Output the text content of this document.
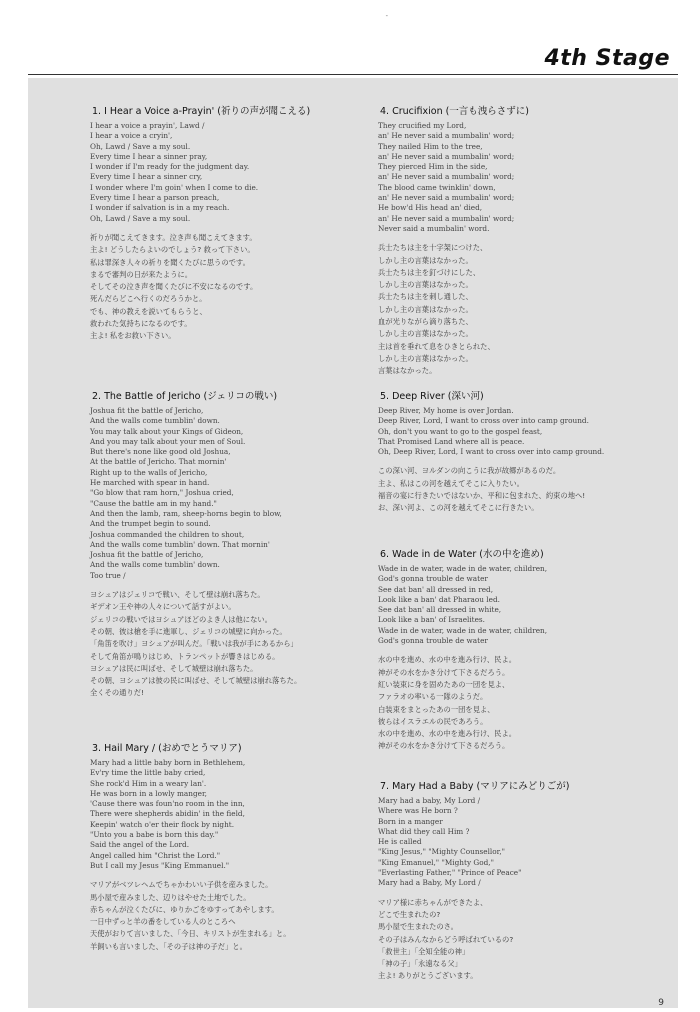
-
4th Stage
1. I Hear a Voice a-Prayin' (祈りの声が聞こえる)
I hear a voice a prayin', Lawd /
I hear a voice a cryin',
Oh, Lawd / Save a my soul.
Every time I hear a sinner pray,
I wonder if I'm ready for the judgment day.
Every time I hear a sinner cry,
I wonder where I'm goin' when I come to die.
Every time I hear a parson preach,
I wonder if salvation is in a my reach.
Oh, Lawd / Save a my soul.
祈りが聞こえてきます。泣き声も聞こえてきます。
主よ! どうしたらよいのでしょう? 救って下さい。
私は罪深き人々の祈りを聞くたびに思うのです。
まるで審判の日が来たように。
そしてその泣き声を聞くたびに不安になるのです。
死んだらどこへ行くのだろうかと。
でも、神の教えを説いてもらうと、
救われた気持ちになるのです。
主よ! 私をお救い下さい。
2. The Battle of Jericho (ジェリコの戦い)
Joshua fit the battle of Jericho,
And the walls come tumblin' down.
You may talk about your Kings of Gideon,
And you may talk about your men of Soul.
But there's none like good old Joshua,
At the battle of Jericho. That mornin'
Right up to the walls of Jericho,
He marched with spear in hand.
"Go blow that ram horn," Joshua cried,
"Cause the battle am in my hand."
And then the lamb, ram, sheep-horns begin to blow,
And the trumpet begin to sound.
Joshua commanded the children to shout,
And the walls come tumblin' down. That mornin'
Joshua fit the battle of Jericho,
And the walls come tumblin' down.
Too true /
ヨシュアはジェリコで戦い、そして壁は崩れ落ちた。
ギデオン王や神の人々について話すがよい。
ジェリコの戦いではヨシュアほどのよき人は他にない。
その朝、彼は槍を手に進軍し、ジェリコの城壁に向かった。
「角笛を吹け」ヨシュアが叫んだ。「戦いは我が手にあるから」
そして角笛が鳴りはじめ、トランペットが響きはじめる。
ヨシュアは民に叫ばせ、そして城壁は崩れ落ちた。
その朝、ヨシュアは彼の民に叫ばせ、そして城壁は崩れ落ちた。
全くその通りだ!
3. Hail Mary / (おめでとうマリア)
Mary had a little baby born in Bethlehem,
Ev'ry time the little baby cried,
She rock'd Him in a weary lan'.
He was born in a lowly manger,
'Cause there was foun'no room in the inn,
There were shepherds abidin' in the field,
Keepin' watch o'er their flock by night.
"Unto you a babe is born this day."
Said the angel of the Lord.
Angel called him "Christ the Lord."
But I call my Jesus "King Emmanuel."
マリアがベツレヘムでちゃかわいい子供を産みました。
馬小屋で産みました、辺りはやせた土地でした。
赤ちゃんが泣くたびに、ゆりかごをゆすってあやします。
一日中ずっと羊の番をしている人のところへ
天使がおりて言いました、「今日、キリストが生まれる」と。
羊飼いも言いました、「その子は神の子だ」と。
4. Crucifixion (一言も洩らさずに)
They crucified my Lord,
an' He never said a mumbalin' word;
They nailed Him to the tree,
an' He never said a mumbalin' word;
They pierced Him in the side,
an' He never said a mumbalin' word;
The blood came twinklin' down,
an' He never said a mumbalin' word;
He bow'd His head an' died,
an' He never said a mumbalin' word;
Never said a mumbalin' word.
兵士たちは主を十字架につけた、
しかし主の言葉はなかった。
兵士たちは主を釘づけにした、
しかし主の言葉はなかった。
兵士たちは主を刺し通した、
しかし主の言葉はなかった。
血が光りながら滴り落ちた、
しかし主の言葉はなかった。
主は首を垂れて息をひきとられた、
しかし主の言葉はなかった。
言葉はなかった。
5. Deep River (深い河)
Deep River, My home is over Jordan.
Deep River, Lord, I want to cross over into camp ground.
Oh, don't you want to go to the gospel feast,
That Promised Land where all is peace.
Oh, Deep River, Lord, I want to cross over into camp ground.
この深い河、ヨルダンの向こうに我が故郷があるのだ。
主よ、私はこの河を越えてそこに入りたい。
福音の宴に行きたいではないか、平和に包まれた、約束の地へ!
お、深い河よ、この河を越えてそこに行きたい。
6. Wade in de Water (水の中を進め)
Wade in de water, wade in de water, children,
God's gonna trouble de water
See dat ban' all dressed in red,
Look like a ban' dat Pharaou led.
See dat ban' all dressed in white,
Look like a ban' of Israelites.
Wade in de water, wade in de water, children,
God's gonna trouble de water
水の中を進め、水の中を進み行け、民よ。
神がその水をかき分けて下さるだろう。
紅い装束に身を固めたあの一団を見よ、
ファラオの率いる一隊のようだ。
白装束をまとったあの一団を見よ、
彼らはイスラエルの民であろう。
水の中を進め、水の中を進み行け、民よ。
神がその水をかき分けて下さるだろう。
7. Mary Had a Baby (マリアにみどりごが)
Mary had a baby, My Lord /
Where was He born ?
Born in a manger
What did they call Him ?
He is called
"King Jesus," "Mighty Counsellor,"
"King Emanuel," "Mighty God,"
"Everlasting Father," "Prince of Peace"
Mary had a Baby, My Lord /
マリア様に赤ちゃんができたよ、
どこで生まれたの?
馬小屋で生まれたのさ。
その子はみんなからどう呼ばれているの?
「救世主」「全知全能の神」
「神の子」「永遠なる父」
主よ! ありがとうございます。
9
